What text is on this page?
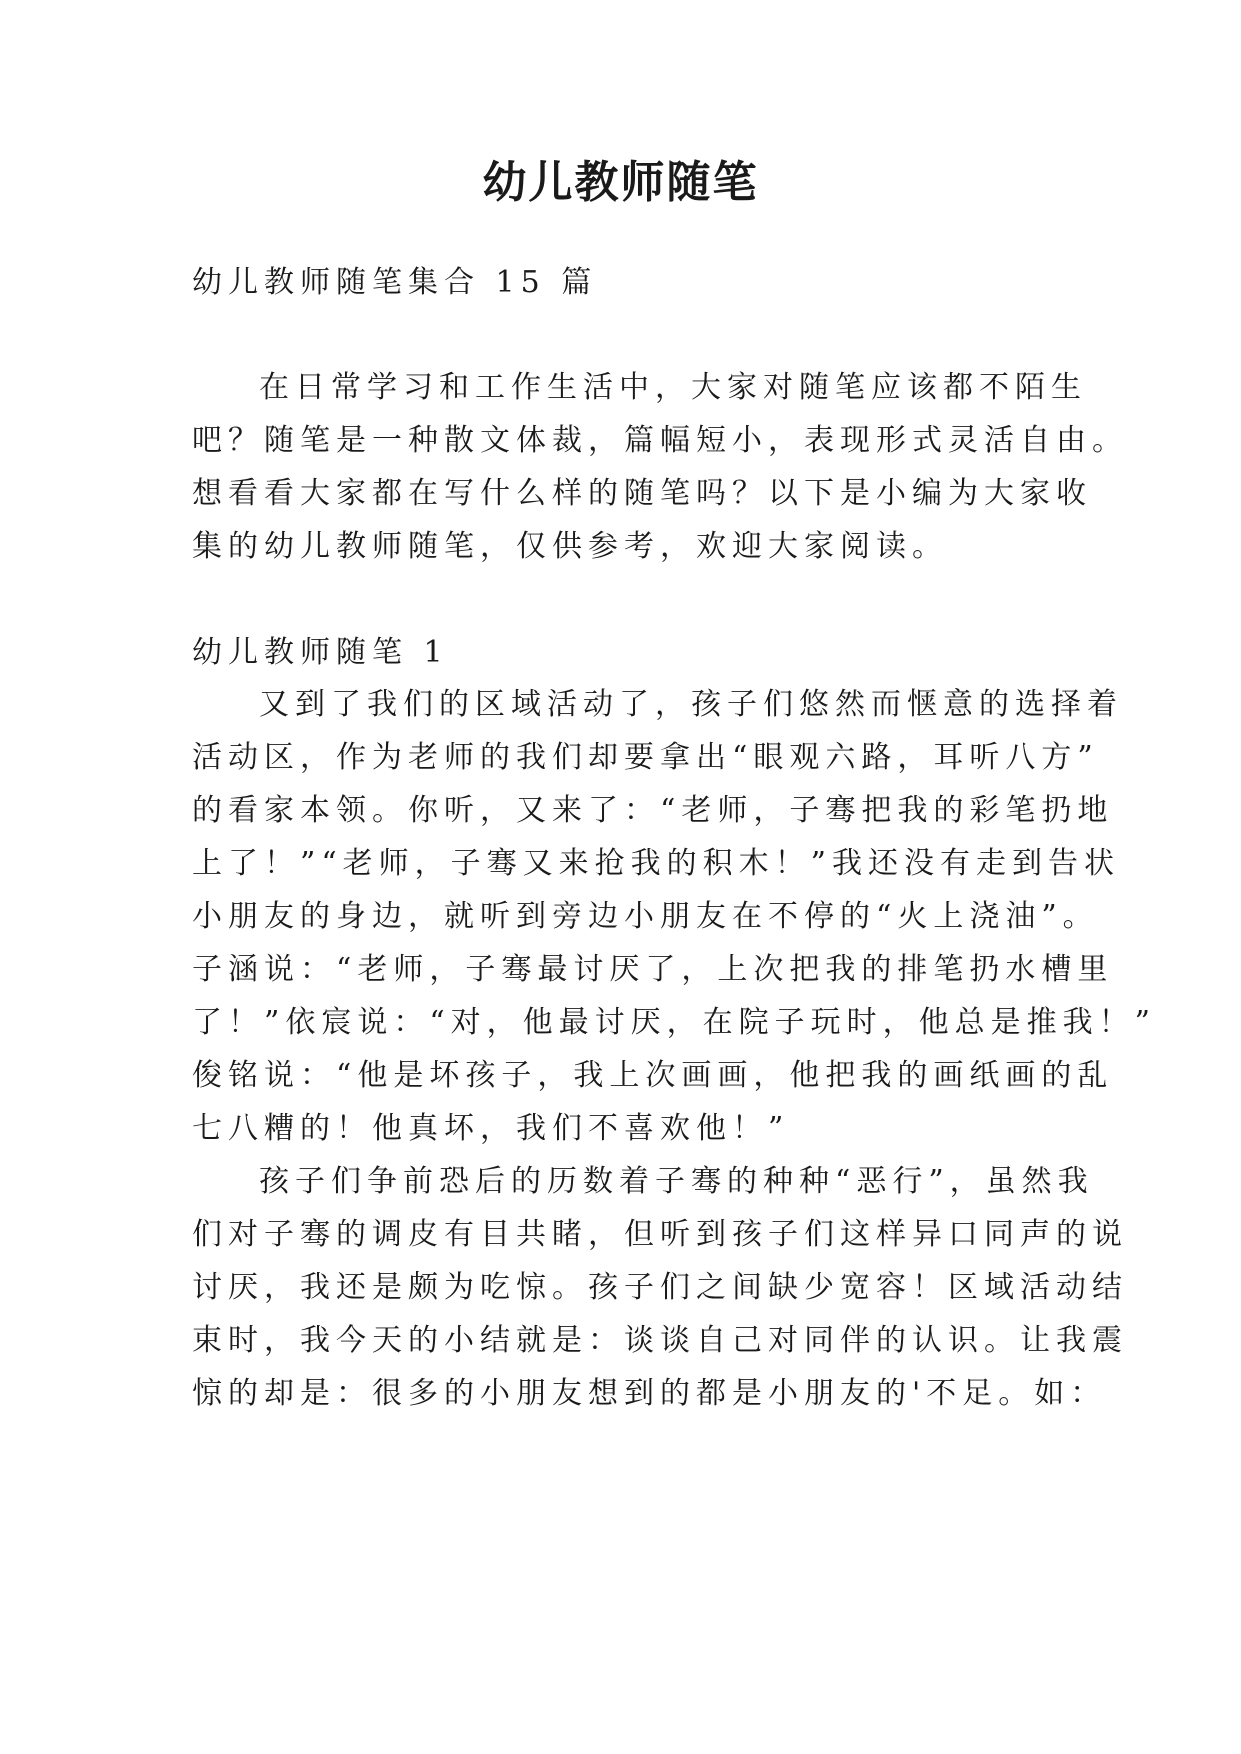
幼儿教师随笔

幼儿教师随笔集合 15 篇

在日常学习和工作生活中，大家对随笔应该都不陌生

吧？随笔是一种散文体裁，篇幅短小，表现形式灵活自由。

想看看大家都在写什么样的随笔吗？以下是小编为大家收

集的幼儿教师随笔，仅供参考，欢迎大家阅读。

幼儿教师随笔 1

又到了我们的区域活动了，孩子们悠然而惬意的选择着

活动区，作为老师的我们却要拿出“眼观六路，耳听八方”

的看家本领。你听，又来了：“老师，子骞把我的彩笔扔地

上了！”“老师，子骞又来抢我的积木！”我还没有走到告状

小朋友的身边，就听到旁边小朋友在不停的“火上浇油”。

子涵说：“老师，子骞最讨厌了，上次把我的排笔扔水槽里

了！”依宸说：“对，他最讨厌，在院子玩时，他总是推我！”

俊铭说：“他是坏孩子，我上次画画，他把我的画纸画的乱

七八糟的！他真坏，我们不喜欢他！”

孩子们争前恐后的历数着子骞的种种“恶行”，虽然我

们对子骞的调皮有目共睹，但听到孩子们这样异口同声的说

讨厌，我还是颇为吃惊。孩子们之间缺少宽容！区域活动结

束时，我今天的小结就是：谈谈自己对同伴的认识。让我震

惊的却是：很多的小朋友想到的都是小朋友的'不足。如：
